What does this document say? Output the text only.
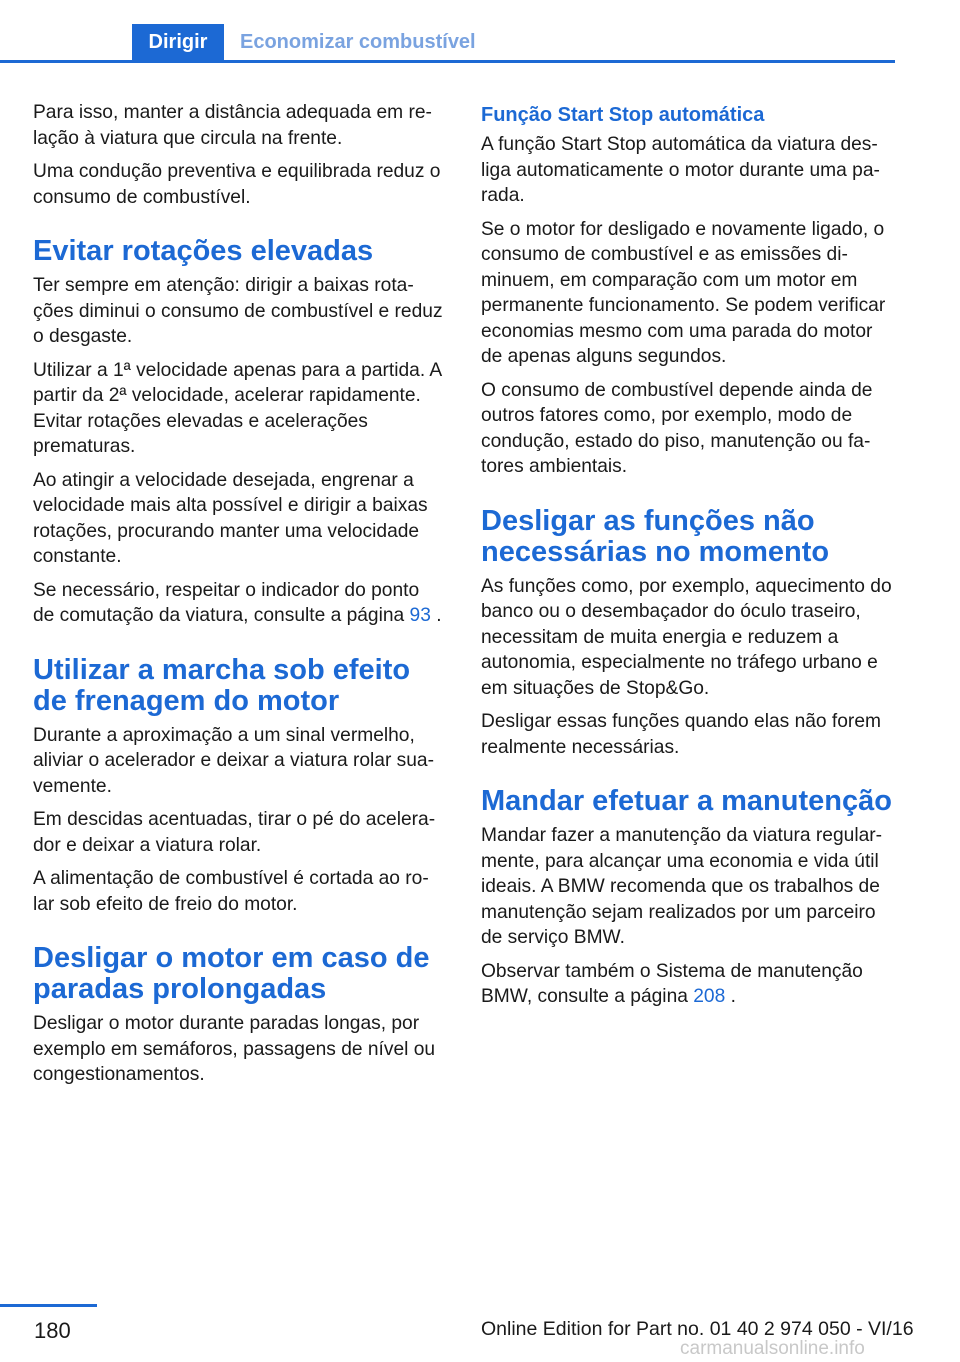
Dirigir	Economizar combustível

Para isso, manter a distância adequada em relação à viatura que circula na frente.

Uma condução preventiva e equilibrada reduz o consumo de combustível.

Evitar rotações elevadas

Ter sempre em atenção: dirigir a baixas rotações diminui o consumo de combustível e reduz o desgaste.

Utilizar a 1ª velocidade apenas para a partida. A partir da 2ª velocidade, acelerar rapidamente. Evitar rotações elevadas e acelerações prematuras.

Ao atingir a velocidade desejada, engrenar a velocidade mais alta possível e dirigir a baixas rotações, procurando manter uma velocidade constante.

Se necessário, respeitar o indicador do ponto de comutação da viatura, consulte a página 93 .

Utilizar a marcha sob efeito de frenagem do motor

Durante a aproximação a um sinal vermelho, aliviar o acelerador e deixar a viatura rolar suavemente.

Em descidas acentuadas, tirar o pé do acelerador e deixar a viatura rolar.

A alimentação de combustível é cortada ao rolar sob efeito de freio do motor.

Desligar o motor em caso de paradas prolongadas

Desligar o motor durante paradas longas, por exemplo em semáforos, passagens de nível ou congestionamentos.

Função Start Stop automática

A função Start Stop automática da viatura desliga automaticamente o motor durante uma parada.

Se o motor for desligado e novamente ligado, o consumo de combustível e as emissões diminuem, em comparação com um motor em permanente funcionamento. Se podem verificar economias mesmo com uma parada do motor de apenas alguns segundos.

O consumo de combustível depende ainda de outros fatores como, por exemplo, modo de condução, estado do piso, manutenção ou fatores ambientais.

Desligar as funções não necessárias no momento

As funções como, por exemplo, aquecimento do banco ou o desembaçador do óculo traseiro, necessitam de muita energia e reduzem a autonomia, especialmente no tráfego urbano e em situações de Stop&Go.

Desligar essas funções quando elas não forem realmente necessárias.

Mandar efetuar a manutenção

Mandar fazer a manutenção da viatura regularmente, para alcançar uma economia e vida útil ideais. A BMW recomenda que os trabalhos de manutenção sejam realizados por um parceiro de serviço BMW.

Observar também o Sistema de manutenção BMW, consulte a página 208 .

180	Online Edition for Part no. 01 40 2 974 050 - VI/16
carmanualsonline.info
